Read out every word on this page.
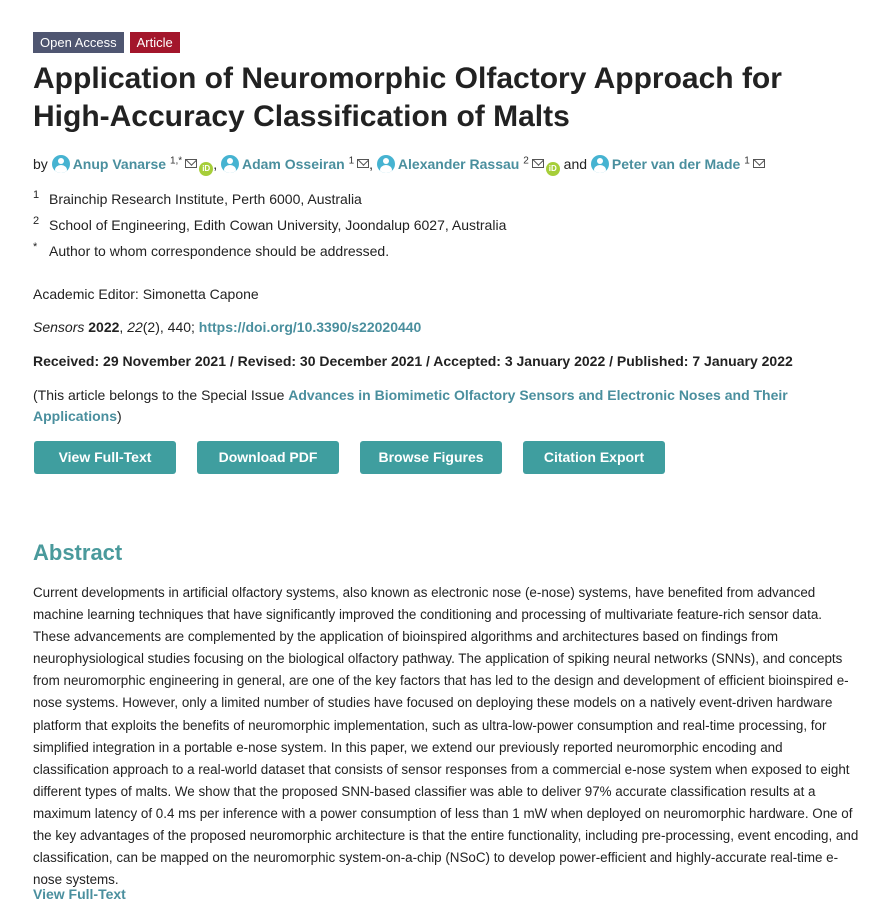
Open Access	Article
Application of Neuromorphic Olfactory Approach for High-Accuracy Classification of Malts
by Anup Vanarse $^{1,*}$iD , Adam Osseiran $^1$ , Alexander Rassau $^2$iD and Peter van der Made $^1$
1 Brainchip Research Institute, Perth 6000, Australia
2 School of Engineering, Edith Cowan University, Joondalup 6027, Australia
* Author to whom correspondence should be addressed.
Academic Editor: Simonetta Capone
Sensors 2022, 22(2), 440; https://doi.org/10.3390/s22020440
Received: 29 November 2021 / Revised: 30 December 2021 / Accepted: 3 January 2022 / Published: 7 January 2022
(This article belongs to the Special Issue Advances in Biomimetic Olfactory Sensors and Electronic Noses and Their Applications)
View Full-Text	Download PDF	Browse Figures	Citation Export
Abstract

Current developments in artificial olfactory systems, also known as electronic nose (e-nose) systems, have benefited from advanced machine learning techniques that have significantly improved the conditioning and processing of multivariate feature-rich sensor data. These advancements are complemented by the application of bioinspired algorithms and architectures based on findings from neurophysiological studies focusing on the biological olfactory pathway. The application of spiking neural networks (SNNs), and concepts from neuromorphic engineering in general, are one of the key factors that has led to the design and development of efficient bioinspired e-nose systems. However, only a limited number of studies have focused on deploying these models on a natively event-driven hardware platform that exploits the benefits of neuromorphic implementation, such as ultra-low-power consumption and real-time processing, for simplified integration in a portable e-nose system. In this paper, we extend our previously reported neuromorphic encoding and classification approach to a real-world dataset that consists of sensor responses from a commercial e-nose system when exposed to eight different types of malts. We show that the proposed SNN-based classifier was able to deliver 97% accurate classification results at a maximum latency of 0.4 ms per inference with a power consumption of less than 1 mW when deployed on neuromorphic hardware. One of the key advantages of the proposed neuromorphic architecture is that the entire functionality, including pre-processing, event encoding, and classification, can be mapped on the neuromorphic system-on-a-chip (NSoC) to develop power-efficient and highly-accurate real-time e-nose systems.

View Full-Text
